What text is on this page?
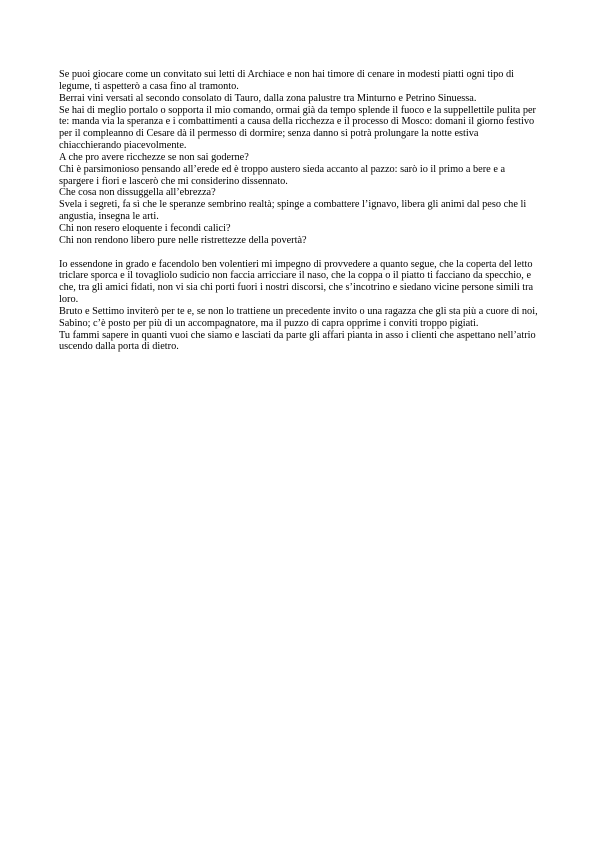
Se puoi giocare come un convitato sui letti di Archiace e non hai timore di cenare in modesti piatti ogni tipo di legume, ti aspetterò a casa fino al tramonto.
Berrai vini versati al secondo consolato di Tauro, dalla zona palustre tra Minturno e Petrino Sinuessa.
Se hai di meglio portalo o sopporta il mio comando, ormai già da tempo splende il fuoco e la suppellettile pulita per te: manda via la speranza e i combattimenti a causa della ricchezza e il processo di Mosco: domani il giorno festivo per il compleanno di Cesare dà il permesso di dormire; senza danno si potrà prolungare la notte estiva chiacchierando piacevolmente.
A che pro avere ricchezze se non sai goderne?
Chi è parsimonioso pensando all’erede ed è troppo austero sieda accanto al pazzo: sarò io il primo a bere e a spargere i fiori e lascerò che mi considerino dissennato.
Che cosa non dissuggella all’ebrezza?
Svela i segreti, fa sì che le speranze sembrino realtà; spinge a combattere l’ignavo, libera gli animi dal peso che li angustia, insegna le arti.
Chi non resero eloquente i fecondi calici?
Chi non rendono libero pure nelle ristrettezze della povertà?

Io essendone in grado e facendolo ben volentieri mi impegno di provvedere a quanto segue, che la coperta del letto triclare sporca e il tovagliolo sudicio non faccia arricciare il naso, che la coppa o il piatto ti facciano da specchio, e che, tra gli amici fidati, non vi sia chi porti fuori i nostri discorsi, che s’incotrino e siedano vicine persone simili tra loro.
Bruto e Settimo inviterò per te e, se non lo trattiene un precedente invito o una ragazza che gli sta più a cuore di noi, Sabino; c’è posto per più di un accompagnatore, ma il puzzo di capra opprime i conviti troppo pigiati.
Tu fammi sapere in quanti vuoi che siamo e lasciati da parte gli affari pianta in asso i clienti che aspettano nell’atrio uscendo dalla porta di dietro.
